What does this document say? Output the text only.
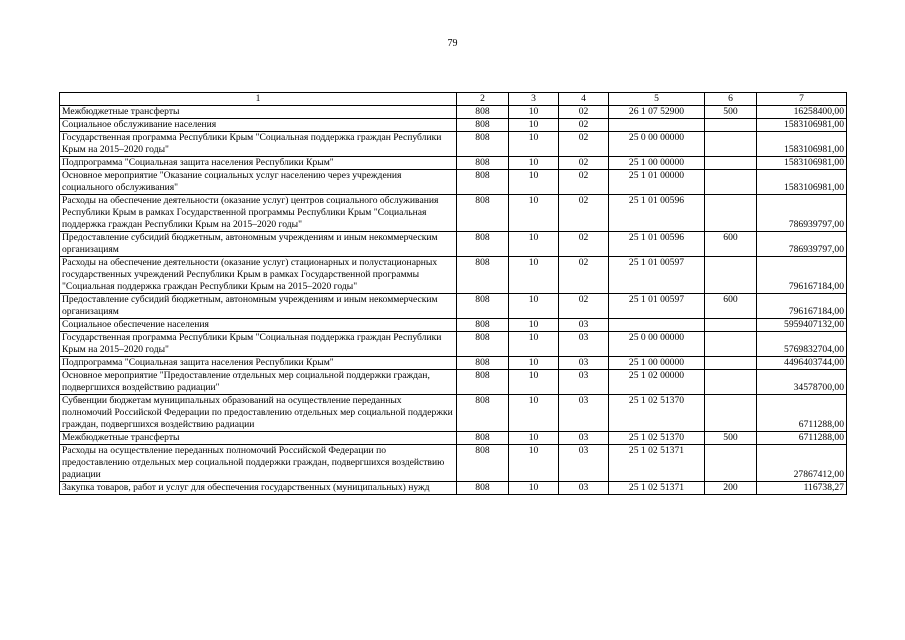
79
1	2	3	4	5	6	7
Межбюджетные трансферты	808	10	02	26 1 07 52900	500	16258400,00
Социальное обслуживание населения	808	10	02			1583106981,00
Государственная программа Республики Крым "Социальная поддержка граждан Республики Крым на 2015–2020 годы"	808	10	02	25 0 00 00000		1583106981,00
Подпрограмма "Социальная защита населения Республики Крым"	808	10	02	25 1 00 00000		1583106981,00
Основное мероприятие "Оказание социальных услуг населению через учреждения социального обслуживания"	808	10	02	25 1 01 00000		1583106981,00
Расходы на обеспечение деятельности (оказание услуг) центров социального обслуживания Республики Крым в рамках Государственной программы Республики Крым "Социальная поддержка граждан Республики Крым на 2015–2020 годы"	808	10	02	25 1 01 00596		786939797,00
Предоставление субсидий бюджетным, автономным учреждениям и иным некоммерческим организациям	808	10	02	25 1 01 00596	600	786939797,00
Расходы на обеспечение деятельности (оказание услуг) стационарных и полустационарных государственных учреждений Республики Крым в рамках Государственной программы "Социальная поддержка граждан Республики Крым на 2015–2020 годы"	808	10	02	25 1 01 00597		796167184,00
Предоставление субсидий бюджетным, автономным учреждениям и иным некоммерческим организациям	808	10	02	25 1 01 00597	600	796167184,00
Социальное обеспечение населения	808	10	03			5959407132,00
Государственная программа Республики Крым "Социальная поддержка граждан Республики Крым на 2015–2020 годы"	808	10	03	25 0 00 00000		5769832704,00
Подпрограмма "Социальная защита населения Республики Крым"	808	10	03	25 1 00 00000		4496403744,00
Основное мероприятие "Предоставление отдельных мер социальной поддержки граждан, подвергшихся воздействию радиации"	808	10	03	25 1 02 00000		34578700,00
Субвенции бюджетам муниципальных образований на осуществление переданных полномочий Российской Федерации по предоставлению отдельных мер социальной поддержки граждан, подвергшихся воздействию радиации	808	10	03	25 1 02 51370		6711288,00
Межбюджетные трансферты	808	10	03	25 1 02 51370	500	6711288,00
Расходы на осуществление переданных полномочий Российской Федерации по предоставлению отдельных мер социальной поддержки граждан, подвергшихся воздействию радиации	808	10	03	25 1 02 51371		27867412,00
Закупка товаров, работ и услуг для обеспечения государственных (муниципальных) нужд	808	10	03	25 1 02 51371	200	116738,27
